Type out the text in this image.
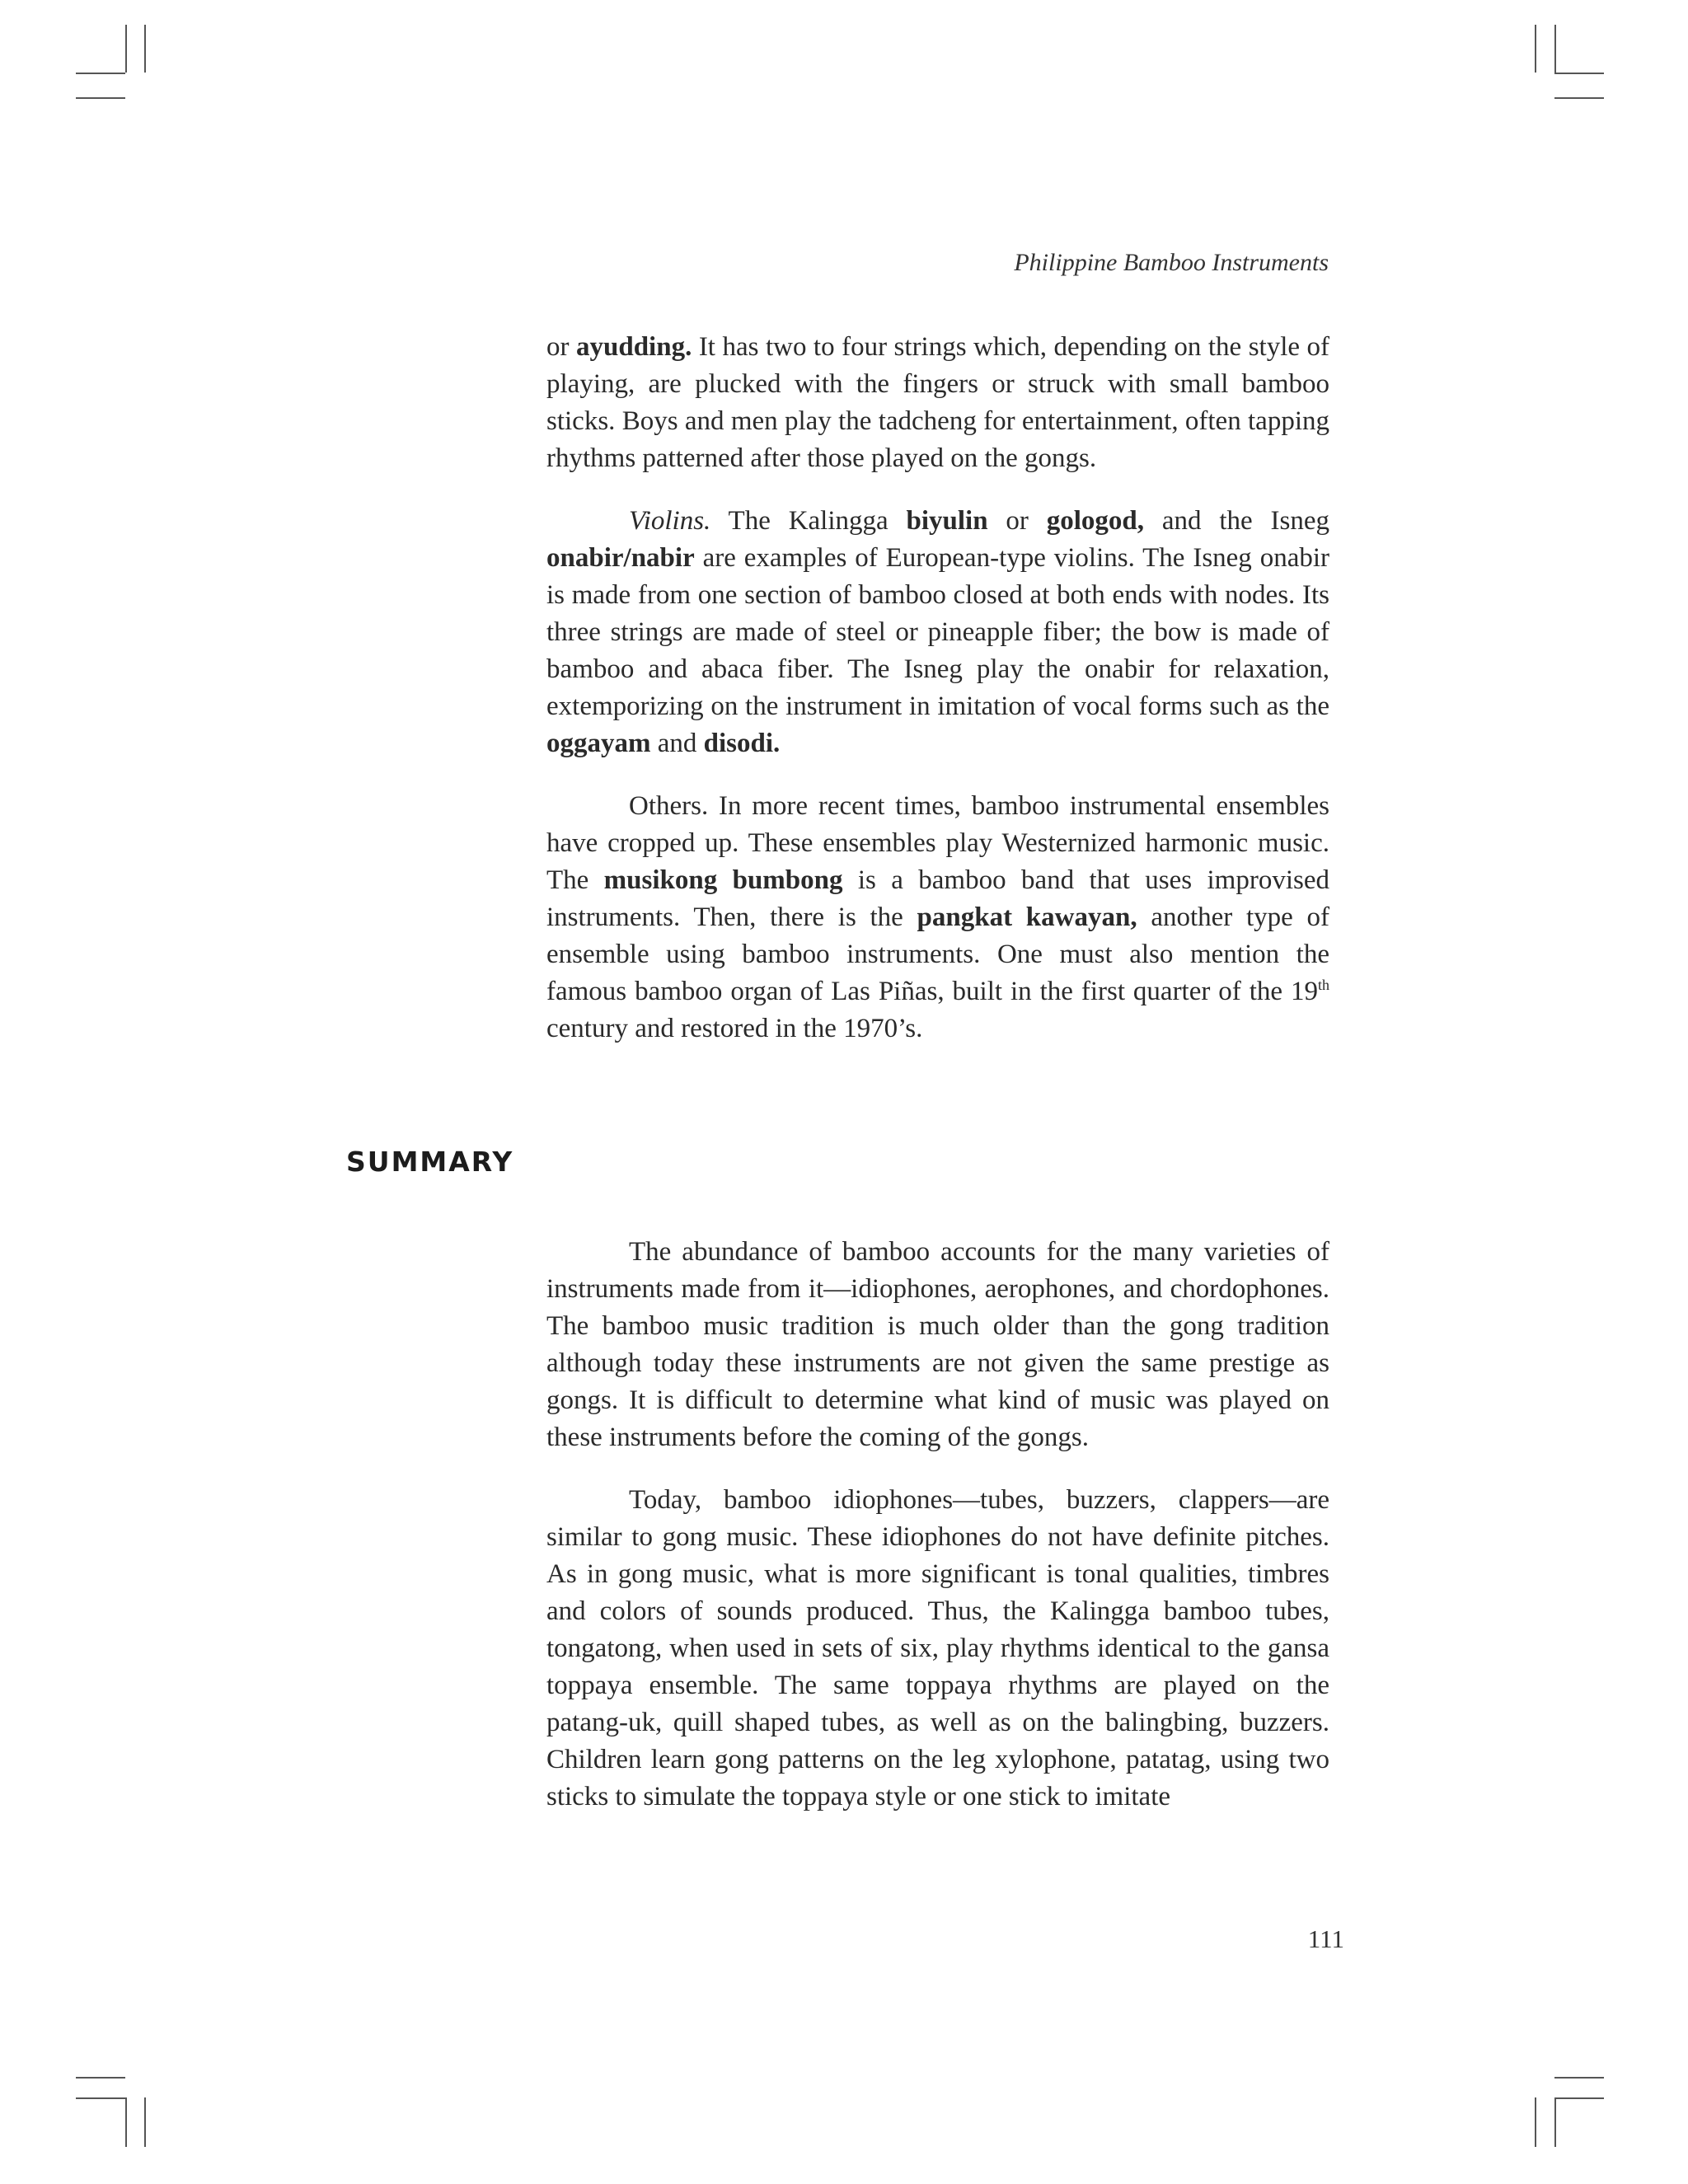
Philippine Bamboo Instruments

or ayudding. It has two to four strings which, depending on the style of playing, are plucked with the fingers or struck with small bamboo sticks. Boys and men play the tadcheng for entertainment, often tapping rhythms patterned after those played on the gongs.

Violins. The Kalingga biyulin or gologod, and the Isneg onabir/nabir are examples of European-type violins. The Isneg onabir is made from one section of bamboo closed at both ends with nodes. Its three strings are made of steel or pineapple fiber; the bow is made of bamboo and abaca fiber. The Isneg play the onabir for relaxation, extemporizing on the instrument in imitation of vocal forms such as the oggayam and disodi.

Others. In more recent times, bamboo instrumental ensembles have cropped up. These ensembles play Westernized harmonic music. The musikong bumbong is a bamboo band that uses improvised instruments. Then, there is the pangkat kawayan, another type of ensemble using bamboo instruments. One must also mention the famous bamboo organ of Las Piñas, built in the first quarter of the 19th century and restored in the 1970’s.

SUMMARY

The abundance of bamboo accounts for the many varieties of instruments made from it—idiophones, aerophones, and chordophones. The bamboo music tradition is much older than the gong tradition although today these instruments are not given the same prestige as gongs. It is difficult to determine what kind of music was played on these instruments before the coming of the gongs.

Today, bamboo idiophones—tubes, buzzers, clappers—are similar to gong music. These idiophones do not have definite pitches. As in gong music, what is more significant is tonal qualities, timbres and colors of sounds produced. Thus, the Kalingga bamboo tubes, tongatong, when used in sets of six, play rhythms identical to the gansa toppaya ensemble. The same toppaya rhythms are played on the patang-uk, quill shaped tubes, as well as on the balingbing, buzzers. Children learn gong patterns on the leg xylophone, patatag, using two sticks to simulate the toppaya style or one stick to imitate

111
